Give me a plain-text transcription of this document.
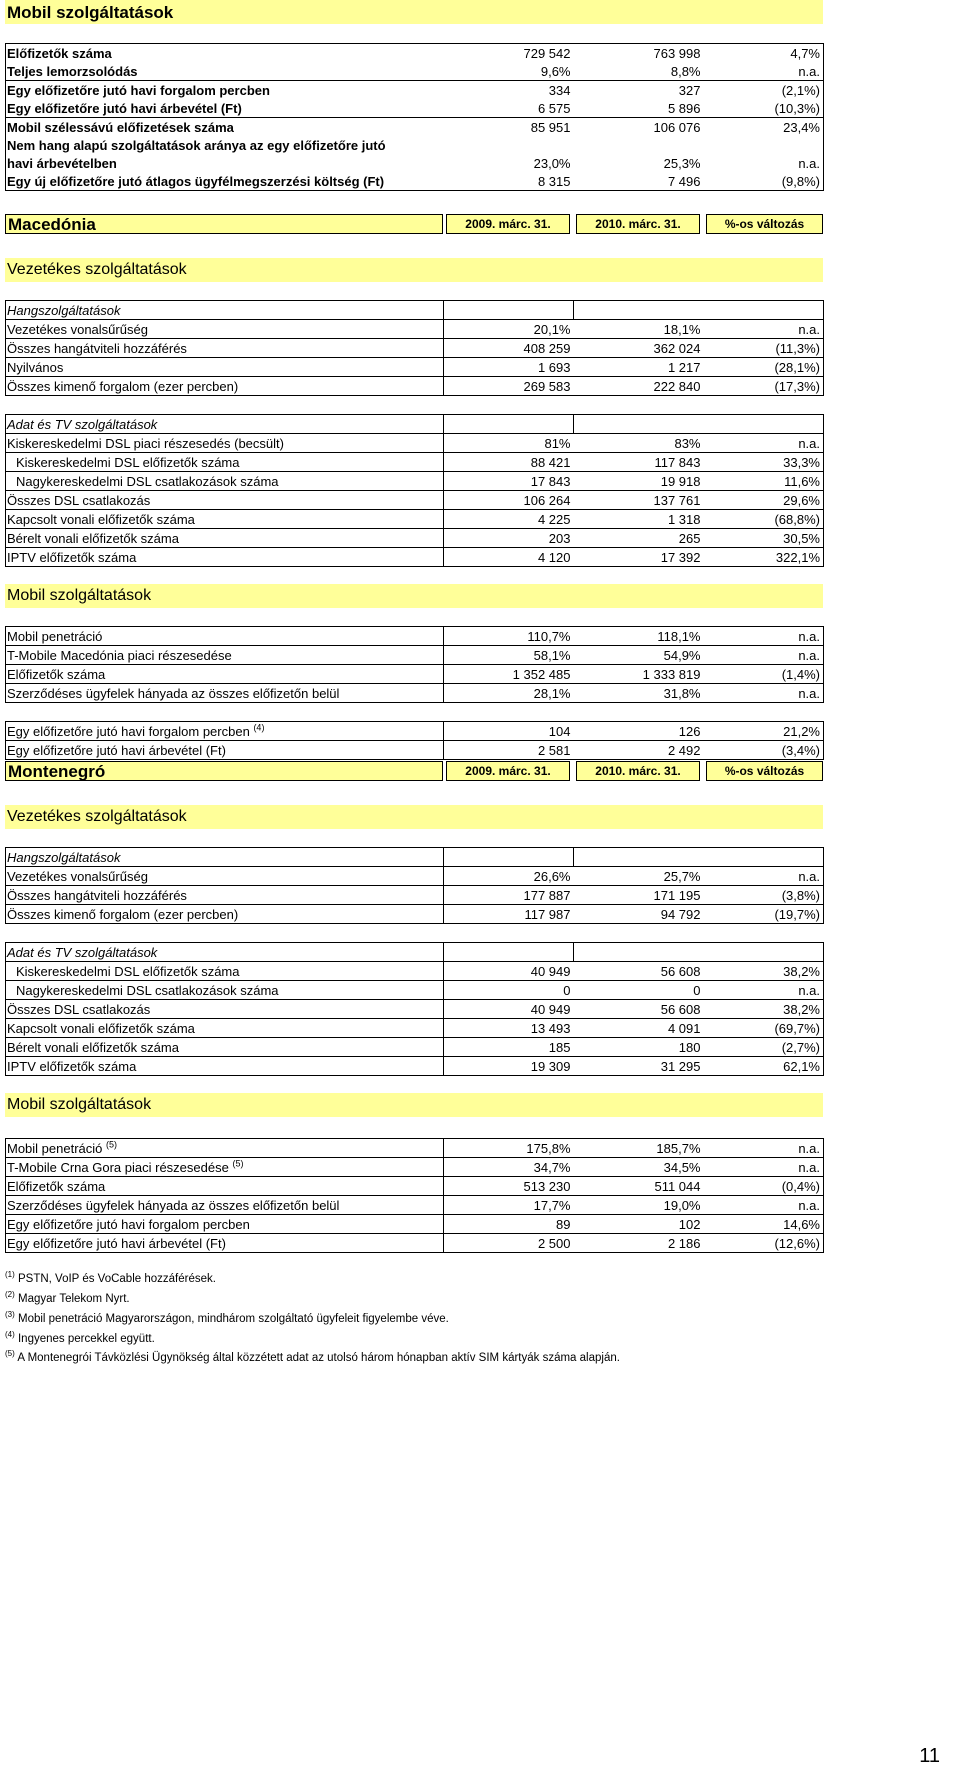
Mobil szolgáltatások
Előfizetők száma	729 542	763 998	4,7%
Teljes lemorzsolódás	9,6%	8,8%	n.a.
Egy előfizetőre jutó havi forgalom percben	334	327	(2,1%)
Egy előfizetőre jutó havi árbevétel (Ft)	6 575	5 896	(10,3%)
Mobil szélessávú előfizetések száma	85 951	106 076	23,4%
Nem hang alapú szolgáltatások aránya az egy előfizetőre jutó			
havi árbevételben	23,0%	25,3%	n.a.
Egy új előfizetőre jutó átlagos ügyfélmegszerzési költség (Ft)	8 315	7 496	(9,8%)
Macedónia	2009. márc. 31.	2010. márc. 31.	%-os változás
Vezetékes szolgáltatások
Hangszolgáltatások			
Vezetékes vonalsűrűség	20,1%	18,1%	n.a.
Összes hangátviteli hozzáférés	408 259	362 024	(11,3%)
Nyilvános	1 693	1 217	(28,1%)
Összes kimenő forgalom (ezer percben)	269 583	222 840	(17,3%)
Adat és TV szolgáltatások			
Kiskereskedelmi DSL piaci részesedés (becsült)	81%	83%	n.a.
Kiskereskedelmi DSL előfizetők száma	88 421	117 843	33,3%
Nagykereskedelmi DSL csatlakozások száma	17 843	19 918	11,6%
Összes DSL csatlakozás	106 264	137 761	29,6%
Kapcsolt vonali előfizetők száma	4 225	1 318	(68,8%)
Bérelt vonali előfizetők száma	203	265	30,5%
IPTV előfizetők száma	4 120	17 392	322,1%
Mobil szolgáltatások
Mobil penetráció	110,7%	118,1%	n.a.
T-Mobile Macedónia piaci részesedése	58,1%	54,9%	n.a.
Előfizetők száma	1 352 485	1 333 819	(1,4%)
Szerződéses ügyfelek hányada az összes előfizetőn belül	28,1%	31,8%	n.a.

Egy előfizetőre jutó havi forgalom percben $^{(4)}$	104	126	21,2%
Egy előfizetőre jutó havi árbevétel (Ft)	2 581	2 492	(3,4%)
Montenegró	2009. márc. 31.	2010. márc. 31.	%-os változás
Vezetékes szolgáltatások
Hangszolgáltatások			
Vezetékes vonalsűrűség	26,6%	25,7%	n.a.
Összes hangátviteli hozzáférés	177 887	171 195	(3,8%)
Összes kimenő forgalom (ezer percben)	117 987	94 792	(19,7%)
Adat és TV szolgáltatások			
Kiskereskedelmi DSL előfizetők száma	40 949	56 608	38,2%
Nagykereskedelmi DSL csatlakozások száma	0	0	n.a.
Összes DSL csatlakozás	40 949	56 608	38,2%
Kapcsolt vonali előfizetők száma	13 493	4 091	(69,7%)
Bérelt vonali előfizetők száma	185	180	(2,7%)
IPTV előfizetők száma	19 309	31 295	62,1%
Mobil szolgáltatások
Mobil penetráció $^{(5)}$	175,8%	185,7%	n.a.
T-Mobile Crna Gora piaci részesedése $^{(5)}$	34,7%	34,5%	n.a.
Előfizetők száma	513 230	511 044	(0,4%)
Szerződéses ügyfelek hányada az összes előfizetőn belül	17,7%	19,0%	n.a.
Egy előfizetőre jutó havi forgalom percben	89	102	14,6%
Egy előfizetőre jutó havi árbevétel (Ft)	2 500	2 186	(12,6%)
$^{(1)}$ PSTN, VoIP és VoCable hozzáférések.
$^{(2)}$ Magyar Telekom Nyrt.
$^{(3)}$ Mobil penetráció Magyarországon, mindhárom szolgáltató ügyfeleit figyelembe véve.
$^{(4)}$ Ingyenes percekkel együtt.
$^{(5)}$ A Montenegrói Távközlési Ügynökség által közzétett adat az utolsó három hónapban aktív SIM kártyák száma alapján.
11
